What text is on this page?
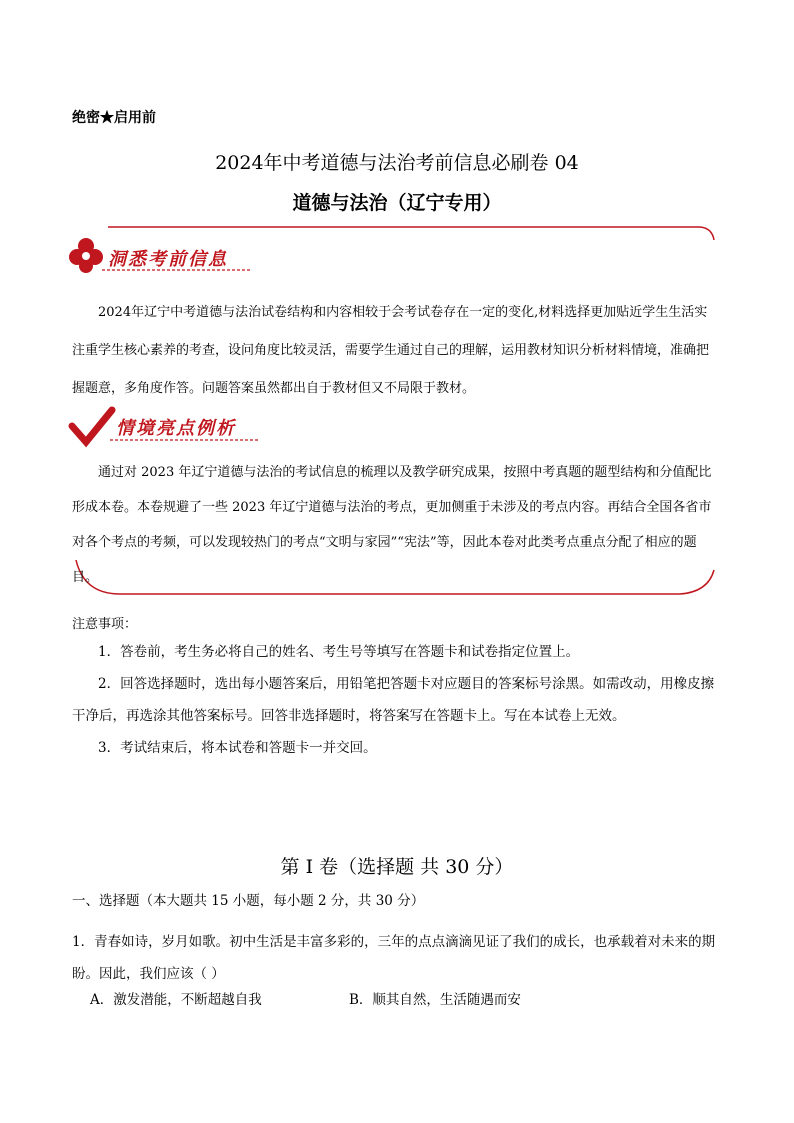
绝密★启用前
2024年中考道德与法治考前信息必刷卷 04
道德与法治（辽宁专用）
洞悉考前信息

2024年辽宁中考道德与法治试卷结构和内容相较于会考试卷存在一定的变化,材料选择更加贴近学生生活实注重学生核心素养的考查，设问角度比较灵活，需要学生通过自己的理解，运用教材知识分析材料情境，准确把握题意，多角度作答。问题答案虽然都出自于教材但又不局限于教材。

情境亮点例析

通过对 2023 年辽宁道德与法治的考试信息的梳理以及教学研究成果，按照中考真题的题型结构和分值配比形成本卷。本卷规避了一些 2023 年辽宁道德与法治的考点，更加侧重于未涉及的考点内容。再结合全国各省市对各个考点的考频，可以发现较热门的考点“文明与家园”“宪法”等，因此本卷对此类考点重点分配了相应的题目。

注意事项：
1．答卷前，考生务必将自己的姓名、考生号等填写在答题卡和试卷指定位置上。
2．回答选择题时，选出每小题答案后，用铅笔把答题卡对应题目的答案标号涂黑。如需改动，用橡皮擦干净后，再选涂其他答案标号。回答非选择题时，将答案写在答题卡上。写在本试卷上无效。
3．考试结束后，将本试卷和答题卡一并交回。
第 I 卷（选择题 共 30 分）
一、选择题（本大题共 15 小题，每小题 2 分，共 30 分）
1．青春如诗，岁月如歌。初中生活是丰富多彩的，三年的点点滴滴见证了我们的成长，也承载着对未来的期盼。因此，我们应该（ ）
A．激发潜能，不断超越自我	B．顺其自然，生活随遇而安
